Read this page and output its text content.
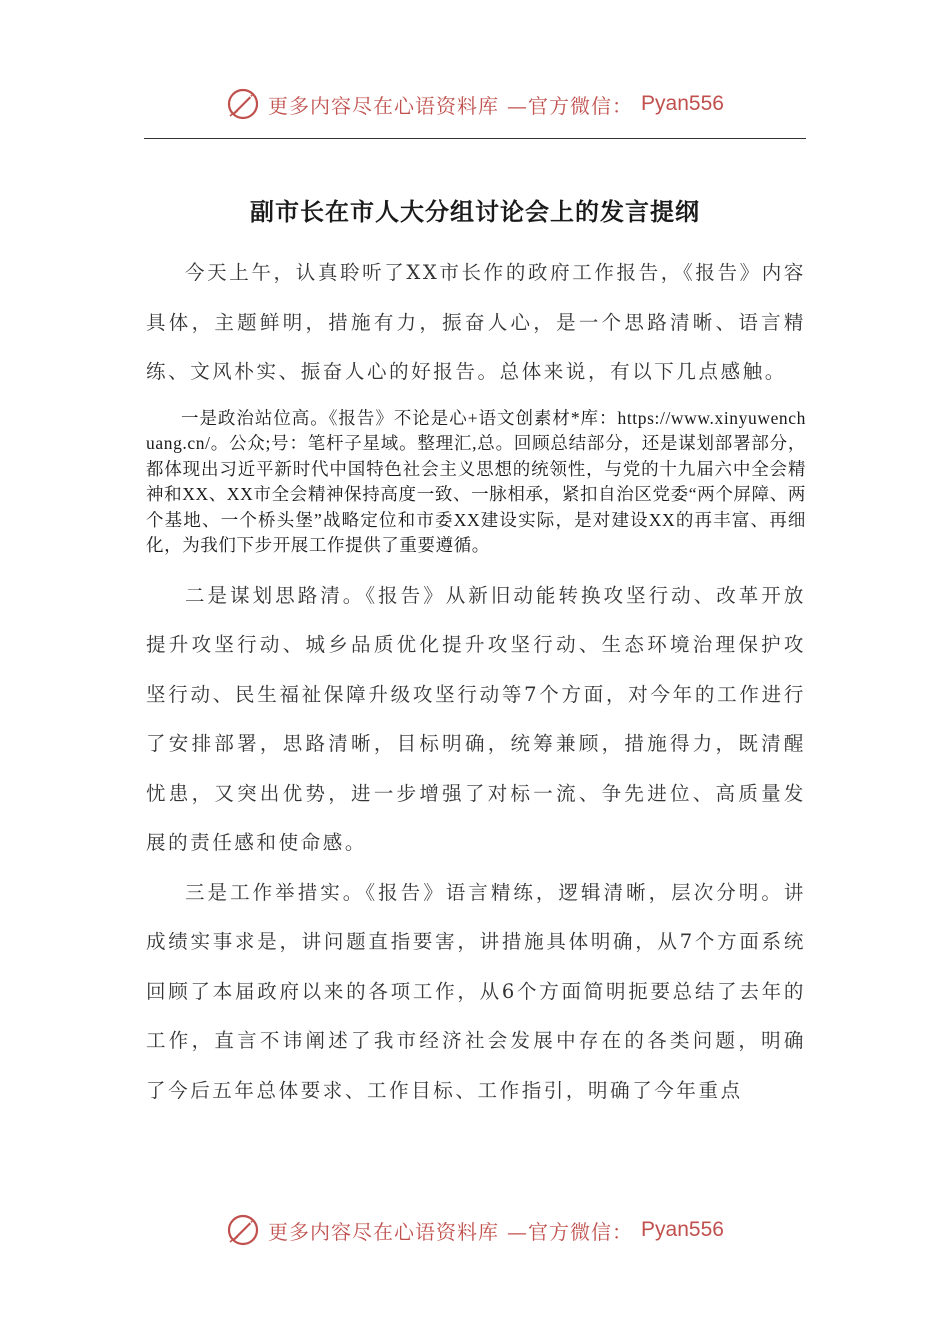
更多内容尽在心语资料库 —官方微信： Pyan556
副市长在市人大分组讨论会上的发言提纲

今天上午，认真聆听了XX市长作的政府工作报告，《报告》内容具体，主题鲜明，措施有力，振奋人心，是一个思路清晰、语言精练、文风朴实、振奋人心的好报告。总体来说，有以下几点感触。

一是政治站位高。《报告》不论是心+语文创素材*库：https://www.xinyuwenchuang.cn/。公众;号：笔杆子星域。整理汇,总。回顾总结部分，还是谋划部署部分，都体现出习近平新时代中国特色社会主义思想的统领性，与党的十九届六中全会精神和XX、XX市全会精神保持高度一致、一脉相承，紧扣自治区党委“两个屏障、两个基地、一个桥头堡”战略定位和市委XX建设实际，是对建设XX的再丰富、再细化，为我们下步开展工作提供了重要遵循。

二是谋划思路清。《报告》从新旧动能转换攻坚行动、改革开放提升攻坚行动、城乡品质优化提升攻坚行动、生态环境治理保护攻坚行动、民生福祉保障升级攻坚行动等7个方面，对今年的工作进行了安排部署，思路清晰，目标明确，统筹兼顾，措施得力，既清醒忧患，又突出优势，进一步增强了对标一流、争先进位、高质量发展的责任感和使命感。

三是工作举措实。《报告》语言精练，逻辑清晰，层次分明。讲成绩实事求是，讲问题直指要害，讲措施具体明确，从7个方面系统回顾了本届政府以来的各项工作，从6个方面简明扼要总结了去年的工作，直言不讳阐述了我市经济社会发展中存在的各类问题，明确了今后五年总体要求、工作目标、工作指引，明确了今年重点

更多内容尽在心语资料库 —官方微信： Pyan556
